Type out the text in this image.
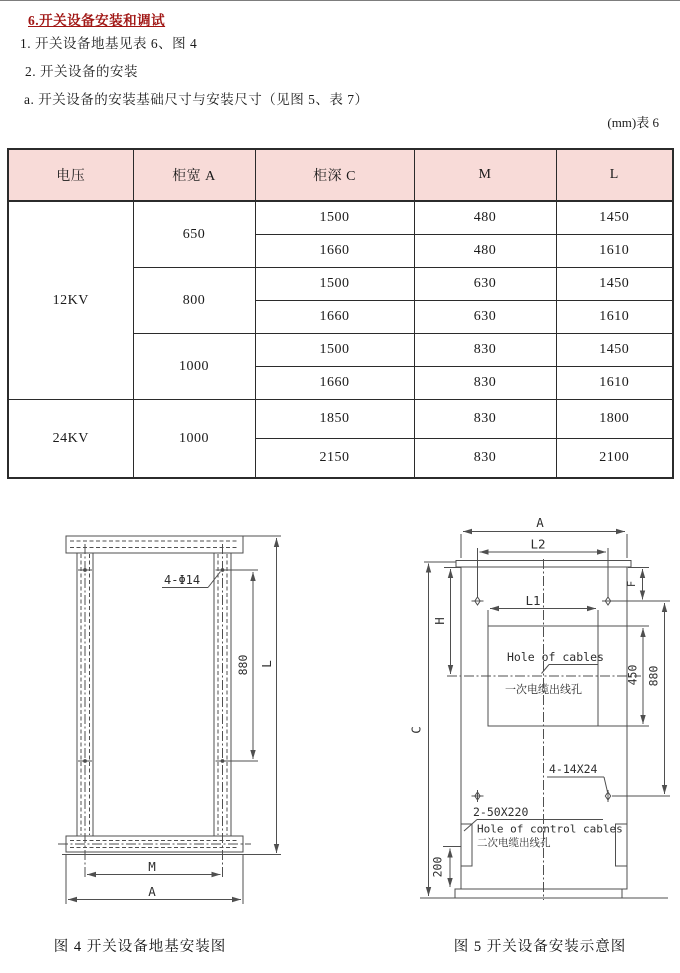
6.开关设备安装和调试
1. 开关设备地基见表 6、图 4
2. 开关设备的安装
a. 开关设备的安装基础尺寸与安装尺寸（见图 5、表 7）
(mm)表 6
电压	柜宽 A	柜深 C	M	L
12KV	650	1500	480	1450
		1660	480	1610
	800	1500	630	1450
		1660	630	1610
	1000	1500	830	1450
		1660	830	1610
24KV	1000	1850	830	1800
		2150	830	2100
4-Φ14
880 L
M
A
A
L2
L1
H
C
F
450 880
200
Hole of cables
一次电缆出线孔
4-14X24
2-50X220
Hole of control cables
二次电缆出线孔
图 4 开关设备地基安装图	图 5 开关设备安装示意图
